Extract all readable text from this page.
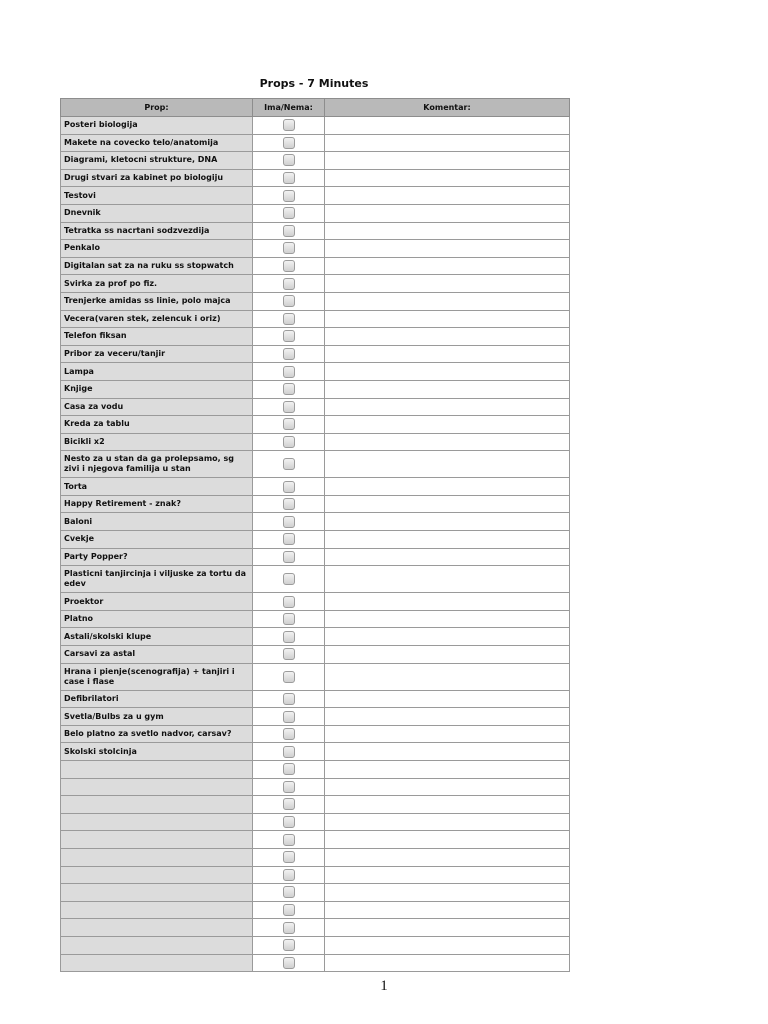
Props - 7 Minutes
Prop:	Ima/Nema:	Komentar:
Posteri biologija		
Makete na covecko telo/anatomija		
Diagrami, kletocni strukture, DNA		
Drugi stvari za kabinet po biologiju		
Testovi		
Dnevnik		
Tetratka ss nacrtani sodzvezdija		
Penkalo		
Digitalan sat za na ruku ss stopwatch		
Svirka za prof po fiz.		
Trenjerke amidas ss linie, polo majca		
Vecera(varen stek, zelencuk i oriz)		
Telefon fiksan		
Pribor za veceru/tanjir		
Lampa		
Knjige		
Casa za vodu		
Kreda za tablu		
Bicikli x2		
Nesto za u stan da ga prolepsamo, sg zivi i njegova familija u stan		
Torta		
Happy Retirement - znak?		
Baloni		
Cvekje		
Party Popper?		
Plasticni tanjircinja i viljuske za tortu da edev		
Proektor		
Platno		
Astali/skolski klupe		
Carsavi za astal		
Hrana i pienje(scenografija) + tanjiri i case i flase		
Defibrilatori		
Svetla/Bulbs za u gym		
Belo platno za svetlo nadvor, carsav?		
Skolski stolcinja		

1
